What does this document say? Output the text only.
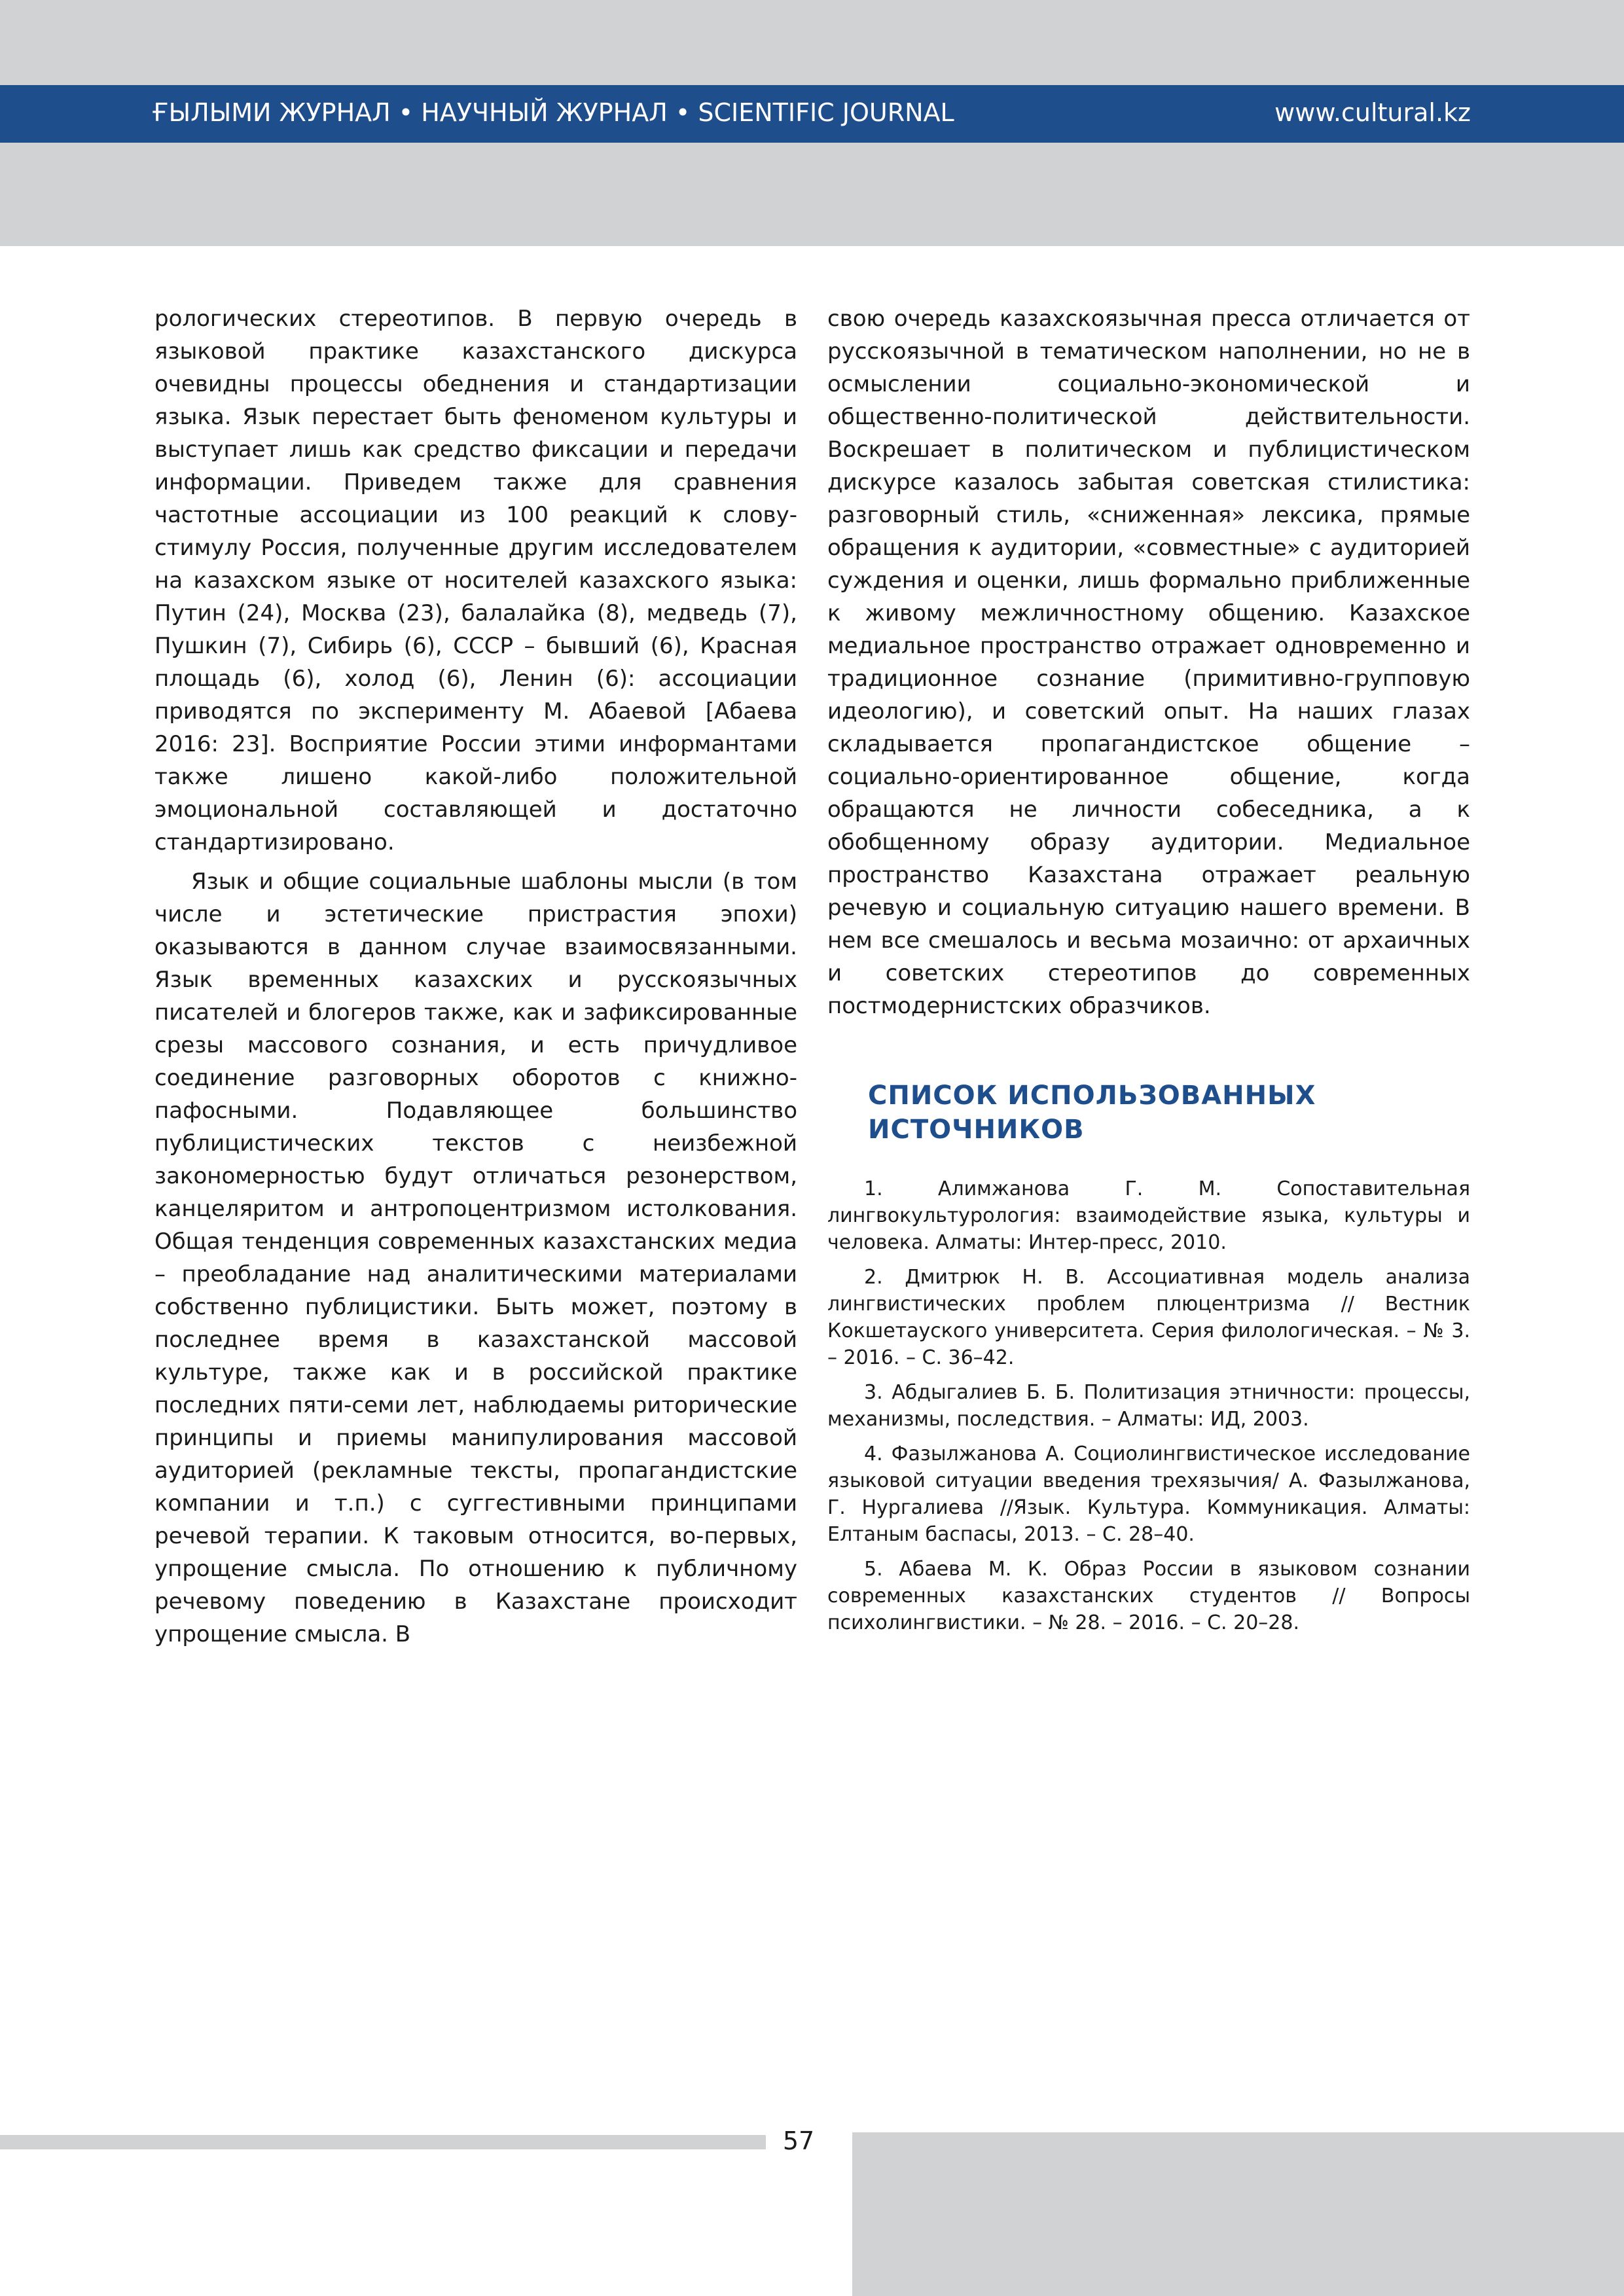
ҒЫЛЫМИ ЖУРНАЛ • НАУЧНЫЙ ЖУРНАЛ • SCIENTIFIC JOURNAL	www.cultural.kz

рологических стереотипов. В первую очередь в языковой практике казахстанского дискурса очевидны процессы обеднения и стандартизации языка. Язык перестает быть феноменом культуры и выступает лишь как средство фиксации и передачи информации. Приведем также для сравнения частотные ассоциации из 100 реакций к слову-стимулу Россия, полученные другим исследователем на казахском языке от носителей казахского языка: Путин (24), Москва (23), балалайка (8), медведь (7), Пушкин (7), Сибирь (6), СССР – бывший (6), Красная площадь (6), холод (6), Ленин (6): ассоциации приводятся по эксперименту М. Абаевой [Абаева 2016: 23]. Восприятие России этими информантами также лишено какой-либо положительной эмоциональной составляющей и достаточно стандартизировано.

Язык и общие социальные шаблоны мысли (в том числе и эстетические пристрастия эпохи) оказываются в данном случае взаимосвязанными. Язык временных казахских и русскоязычных писателей и блогеров также, как и зафиксированные срезы массового сознания, и есть причудливое соединение разговорных оборотов с книжно-пафосными. Подавляющее большинство публицистических текстов с неизбежной закономерностью будут отличаться резонерством, канцеляритом и антропоцентризмом истолкования. Общая тенденция современных казахстанских медиа – преобладание над аналитическими материалами собственно публицистики. Быть может, поэтому в последнее время в казахстанской массовой культуре, также как и в российской практике последних пяти-семи лет, наблюдаемы риторические принципы и приемы манипулирования массовой аудиторией (рекламные тексты, пропагандистские компании и т.п.) с суггестивными принципами речевой терапии. К таковым относится, во-первых, упрощение смысла. По отношению к публичному речевому поведению в Казахстане происходит упрощение смысла. В

свою очередь казахскоязычная пресса отличается от русскоязычной в тематическом наполнении, но не в осмыслении социально-экономической и общественно-политической действительности. Воскрешает в политическом и публицистическом дискурсе казалось забытая советская стилистика: разговорный стиль, «сниженная» лексика, прямые обращения к аудитории, «совместные» с аудиторией суждения и оценки, лишь формально приближенные к живому межличностному общению. Казахское медиальное пространство отражает одновременно и традиционное сознание (примитивно-групповую идеологию), и советский опыт. На наших глазах складывается пропагандистское общение – социально-ориентированное общение, когда обращаются не личности собеседника, а к обобщенному образу аудитории. Медиальное пространство Казахстана отражает реальную речевую и социальную ситуацию нашего времени. В нем все смешалось и весьма мозаично: от архаичных и советских стереотипов до современных постмодернистских образчиков.

СПИСОК ИСПОЛЬЗОВАННЫХ
ИСТОЧНИКОВ

1. Алимжанова Г. М. Сопоставительная лингвокультурология: взаимодействие языка, культуры и человека. Алматы: Интер-пресс, 2010.

2. Дмитрюк Н. В. Ассоциативная модель анализа лингвистических проблем плюцентризма // Вестник Кокшетауского университета. Серия филологическая. – № 3. – 2016. – С. 36–42.

3. Абдыгалиев Б. Б. Политизация этничности: процессы, механизмы, последствия. – Алматы: ИД, 2003.

4. Фазылжанова А. Социолингвистическое исследование языковой ситуации введения трехязычия/ А. Фазылжанова, Г. Нургалиева //Язык. Культура. Коммуникация. Алматы: Елтаным баспасы, 2013. – С. 28–40.

5. Абаева М. К. Образ России в языковом сознании современных казахстанских студентов // Вопросы психолингвистики. – № 28. – 2016. – С. 20–28.

57
